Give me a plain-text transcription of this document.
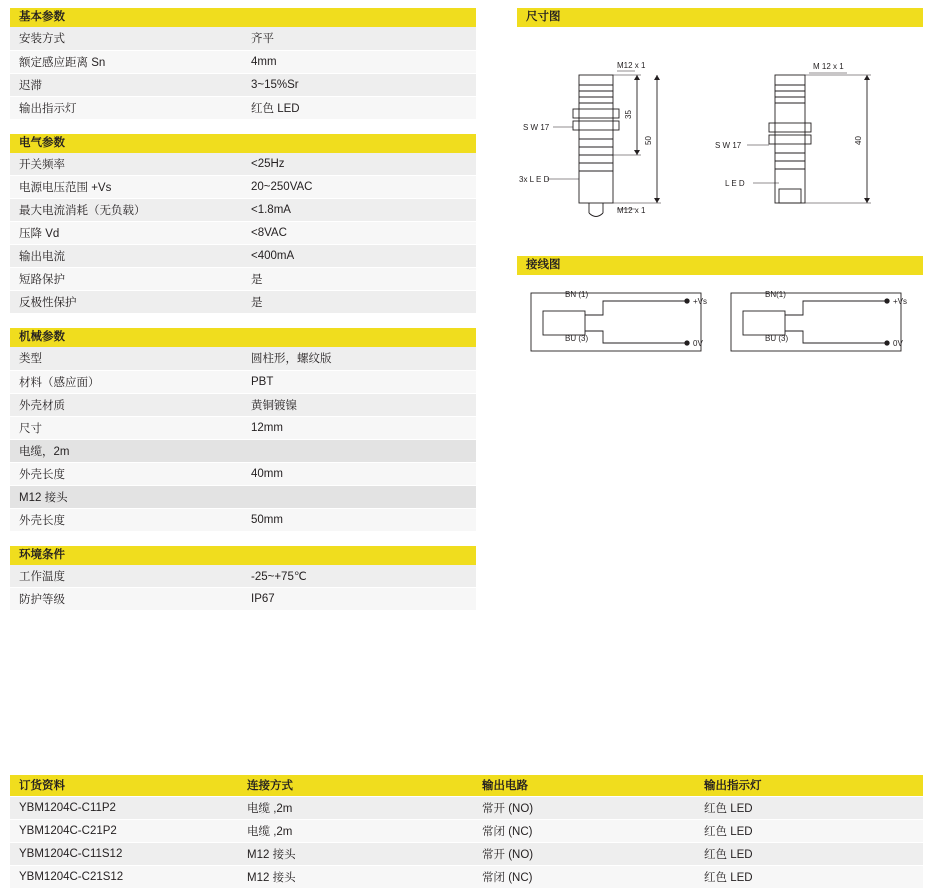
基本参数
安装方式	齐平
额定感应距离 Sn	4mm
迟滞	3~15%Sr
输出指示灯	红色 LED
电气参数
开关频率	<25Hz
电源电压范围 +Vs	20~250VAC
最大电流消耗（无负载）	<1.8mA
压降 Vd	<8VAC
输出电流	<400mA
短路保护	是
反极性保护	是
机械参数
类型	圆柱形，螺纹版
材料（感应面）	PBT
外壳材质	黄铜镀镍
尺寸	12mm
电缆，2m	
外壳长度	40mm
M12 接头	
外壳长度	50mm
环境条件
工作温度	-25~+75℃
防护等级	IP67
尺寸图
M12 x 1
S W 17
3x L E D
M12 x 1
35
50
M 12 x 1
S W 17
L E D
40
接线图
BN (1)
BU (3)
+Vs
0V
BN(1)
BU (3)
+Vs
0V
订货资料	连接方式	输出电路	输出指示灯
YBM1204C-C11P2	电缆 ,2m	常开 (NO)	红色 LED
YBM1204C-C21P2	电缆 ,2m	常闭 (NC)	红色 LED
YBM1204C-C11S12	M12 接头	常开 (NO)	红色 LED
YBM1204C-C21S12	M12 接头	常闭 (NC)	红色 LED
